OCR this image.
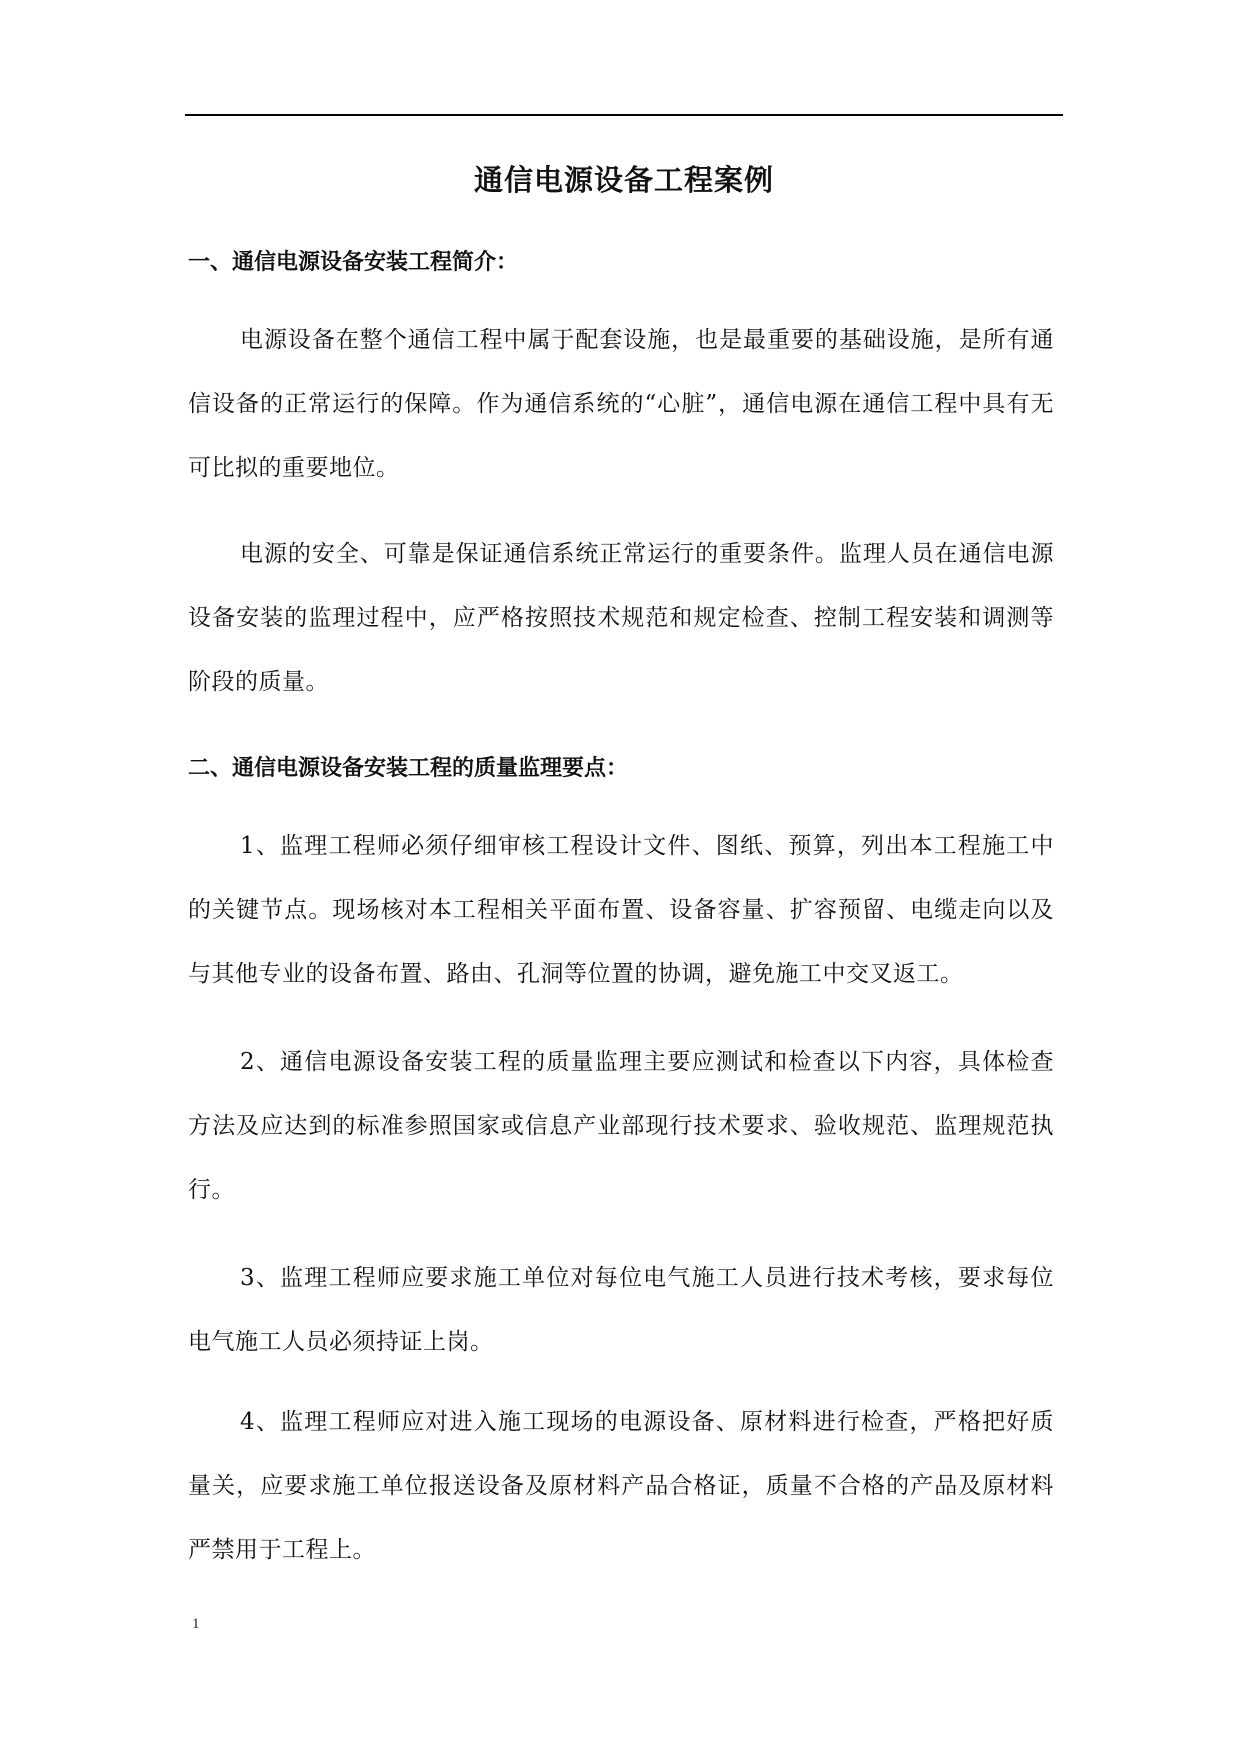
通信电源设备工程案例
一、通信电源设备安装工程简介：
电源设备在整个通信工程中属于配套设施，也是最重要的基础设施，是所有通信设备的正常运行的保障。作为通信系统的“心脏”，通信电源在通信工程中具有无可比拟的重要地位。
电源的安全、可靠是保证通信系统正常运行的重要条件。监理人员在通信电源设备安装的监理过程中，应严格按照技术规范和规定检查、控制工程安装和调测等阶段的质量。
二、通信电源设备安装工程的质量监理要点：
1、监理工程师必须仔细审核工程设计文件、图纸、预算，列出本工程施工中的关键节点。现场核对本工程相关平面布置、设备容量、扩容预留、电缆走向以及与其他专业的设备布置、路由、孔洞等位置的协调，避免施工中交叉返工。
2、通信电源设备安装工程的质量监理主要应测试和检查以下内容，具体检查方法及应达到的标准参照国家或信息产业部现行技术要求、验收规范、监理规范执行。
3、监理工程师应要求施工单位对每位电气施工人员进行技术考核，要求每位电气施工人员必须持证上岗。
4、监理工程师应对进入施工现场的电源设备、原材料进行检查，严格把好质量关，应要求施工单位报送设备及原材料产品合格证，质量不合格的产品及原材料严禁用于工程上。
1
